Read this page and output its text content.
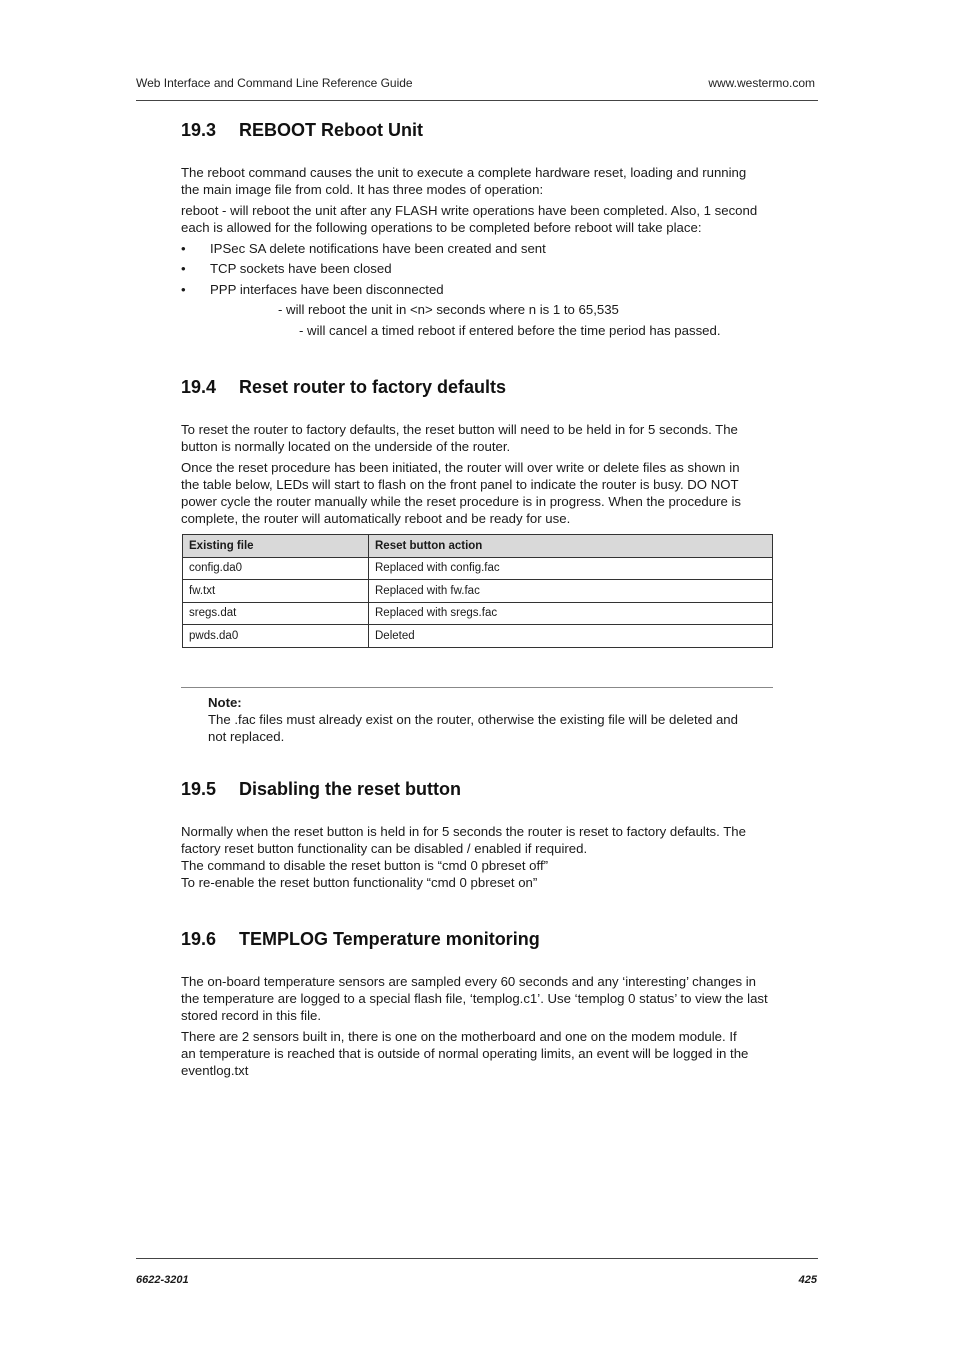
Web Interface and Command Line Reference Guide	www.westermo.com
19.3 REBOOT Reboot Unit
The reboot command causes the unit to execute a complete hardware reset, loading and running
the main image file from cold. It has three modes of operation:
reboot - will reboot the unit after any FLASH write operations have been completed. Also, 1 second
each is allowed for the following operations to be completed before reboot will take place:
• IPSec SA delete notifications have been created and sent
• TCP sockets have been closed
• PPP interfaces have been disconnected
- will reboot the unit in <n> seconds where n is 1 to 65,535
- will cancel a timed reboot if entered before the time period has passed.
19.4 Reset router to factory defaults
To reset the router to factory defaults, the reset button will need to be held in for 5 seconds. The
button is normally located on the underside of the router.
Once the reset procedure has been initiated, the router will over write or delete files as shown in
the table below, LEDs will start to flash on the front panel to indicate the router is busy. DO NOT
power cycle the router manually while the reset procedure is in progress. When the procedure is
complete, the router will automatically reboot and be ready for use.
Existing file	Reset button action
config.da0	Replaced with config.fac
fw.txt	Replaced with fw.fac
sregs.dat	Replaced with sregs.fac
pwds.da0	Deleted
Note:
The .fac files must already exist on the router, otherwise the existing file will be deleted and
not replaced.
19.5 Disabling the reset button
Normally when the reset button is held in for 5 seconds the router is reset to factory defaults. The
factory reset button functionality can be disabled / enabled if required.
The command to disable the reset button is “cmd 0 pbreset off”
To re-enable the reset button functionality “cmd 0 pbreset on”
19.6 TEMPLOG Temperature monitoring
The on-board temperature sensors are sampled every 60 seconds and any ‘interesting’ changes in
the temperature are logged to a special flash file, ‘templog.c1’. Use ‘templog 0 status’ to view the last
stored record in this file.
There are 2 sensors built in, there is one on the motherboard and one on the modem module. If
an temperature is reached that is outside of normal operating limits, an event will be logged in the
eventlog.txt
6622-3201	425
